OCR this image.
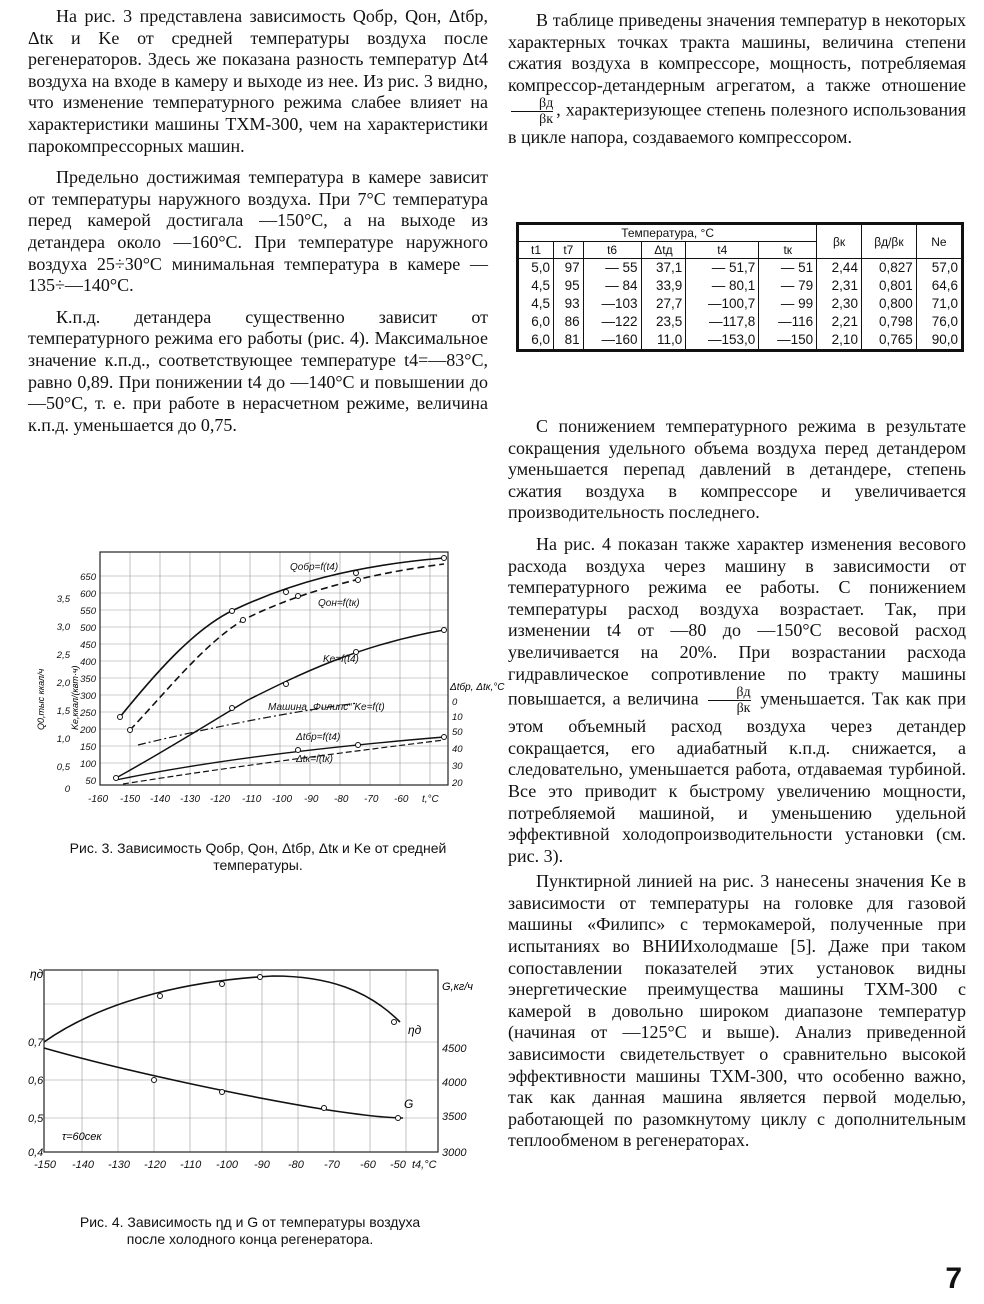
На рис. 3 представлена зависимость Qобр, Qон, Δtбр, Δtк и Ke от средней температуры воздуха после регенераторов. Здесь же показана разность температур Δt4 воздуха на входе в камеру и выходе из нее. Из рис. 3 видно, что изменение температурного режима слабее влияет на характеристики машины ТХМ-300, чем на характеристики парокомпрессорных машин.

Предельно достижимая температура в камере зависит от температуры наружного воздуха. При 7°C температура перед камерой достигала —150°C, а на выходе из детандера около —160°C. При температуре наружного воздуха 25÷30°C минимальная температура в камере —135÷—140°C.

К.п.д. детандера существенно зависит от температурного режима его работы (рис. 4). Максимальное значение к.п.д., соответствующее температуре t4=—83°C, равно 0,89. При понижении t4 до —140°C и повышении до —50°C, т. е. при работе в нерасчетном режиме, величина к.п.д. уменьшается до 0,75.

-160 -150 -140 -130 -120 -110 -100 -90 -80 -70 -60 t,°C
650
600
550
500
450
400
350
300
250
200
150
100
50
3,5
3,0
2,5
2,0
1,5
1,0
0,5
0
Q0,тыс ккал/ч	Ke,ккал/(квт·ч)
50
40
30
20
10
0
Δtбр, Δtк,°C
Qобр=f(t4)
Qон=f(tк)
Ke=f(t4)
Машина „Филипс“ Ke=f(t)
Δtбр=f(t4)
Δtк=f(tк)
Рис. 3. Зависимость Qобр, Qон, Δtбр, Δtк и Ke от средней температуры.
ηд
0,7
0,6
0,5
0,4
G,кг/ч
4500
4000
3500
3000
-150 -140 -130 -120 -110 -100 -90 -80 -70 -60 -50 t4,°C
ηд
G
τ=60сек
Рис. 4. Зависимость ηд и G от температуры воздуха
после холодного конца регенератора.

В таблице приведены значения температур в некоторых характерных точках тракта машины, величина степени сжатия воздуха в компрессоре, мощность, потребляемая компрессор-детандерным агрегатом, а также отношение
$\frac{\beta д}{\beta к}$ , характеризующее степень полезного использования в цикле напора, создаваемого компрессором.

Температура, °C						βк	βд/βк	Ne
t1	t7	t6	Δtд	t4	tк			
5,0	97	— 55	37,1	— 51,7	— 51	2,44	0,827	57,0
4,5	95	— 84	33,9	— 80,1	— 79	2,31	0,801	64,6
4,5	93	—103	27,7	—100,7	— 99	2,30	0,800	71,0
6,0	86	—122	23,5	—117,8	—116	2,21	0,798	76,0
6,0	81	—160	11,0	—153,0	—150	2,10	0,765	90,0

С понижением температурного режима в результате сокращения удельного объема воздуха перед детандером уменьшается перепад давлений в детандере, степень сжатия воздуха в компрессоре и увеличивается производительность последнего.

На рис. 4 показан также характер изменения весового расхода воздуха через машину в зависимости от температурного режима ее работы. С понижением температуры расход воздуха возрастает. Так, при изменении t4 от —80 до —150°C весовой расход увеличивается на 20%. При возрастании расхода гидравлическое сопротивление по тракту машины повышается, а величина $\frac{\beta д}{\beta к}$ уменьшается. Так как при этом объемный расход воздуха через детандер сокращается, его адиабатный к.п.д. снижается, а следовательно, уменьшается работа, отдаваемая турбиной. Все это приводит к быстрому увеличению мощности, потребляемой машиной, и уменьшению удельной эффективной холодопроизводительности установки (см. рис. 3).

Пунктирной линией на рис. 3 нанесены значения Ke в зависимости от температуры на головке для газовой машины «Филипс» с термокамерой, полученные при испытаниях во ВНИИхолодмаше [5]. Даже при таком сопоставлении показателей этих установок видны энергетические преимущества машины ТХМ-300 с камерой в довольно широком диапазоне температур (начиная от —125°C и выше). Анализ приведенной зависимости свидетельствует о сравнительно высокой эффективности машины ТХМ-300, что особенно важно, так как данная машина является первой моделью, работающей по разомкнутому циклу с дополнительным теплообменом в регенераторах.

7
